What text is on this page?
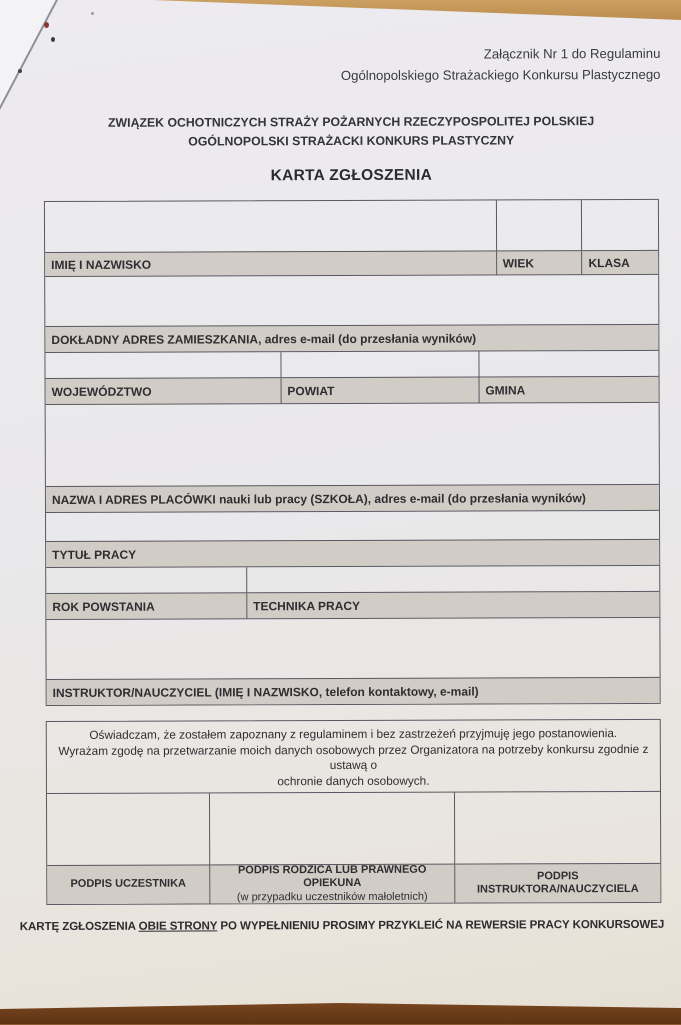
Załącznik Nr 1 do Regulaminu
Ogólnopolskiego Strażackiego Konkursu Plastycznego
ZWIĄZEK OCHOTNICZYCH STRAŻY POŻARNYCH RZECZYPOSPOLITEJ POLSKIEJ
OGÓLNOPOLSKI STRAŻACKI KONKURS PLASTYCZNY
KARTA ZGŁOSZENIA
IMIĘ I NAZWISKO	WIEK	KLASA
DOKŁADNY ADRES ZAMIESZKANIA, adres e-mail (do przesłania wyników)
WOJEWÓDZTWO	POWIAT	GMINA
NAZWA I ADRES PLACÓWKI nauki lub pracy (SZKOŁA), adres e-mail (do przesłania wyników)
TYTUŁ PRACY
ROK POWSTANIA	TECHNIKA PRACY
INSTRUKTOR/NAUCZYCIEL (IMIĘ I NAZWISKO, telefon kontaktowy, e-mail)
Oświadczam, że zostałem zapoznany z regulaminem i bez zastrzeżeń przyjmuję jego postanowienia.
Wyrażam zgodę na przetwarzanie moich danych osobowych przez Organizatora na potrzeby konkursu zgodnie z ustawą o
ochronie danych osobowych.
PODPIS UCZESTNIKA
PODPIS RODZICA LUB PRAWNEGO OPIEKUNA
(w przypadku uczestników małoletnich)
PODPIS INSTRUKTORA/NAUCZYCIELA
KARTĘ ZGŁOSZENIA OBIE STRONY PO WYPEŁNIENIU PROSIMY PRZYKLEIĆ NA REWERSIE PRACY KONKURSOWEJ
